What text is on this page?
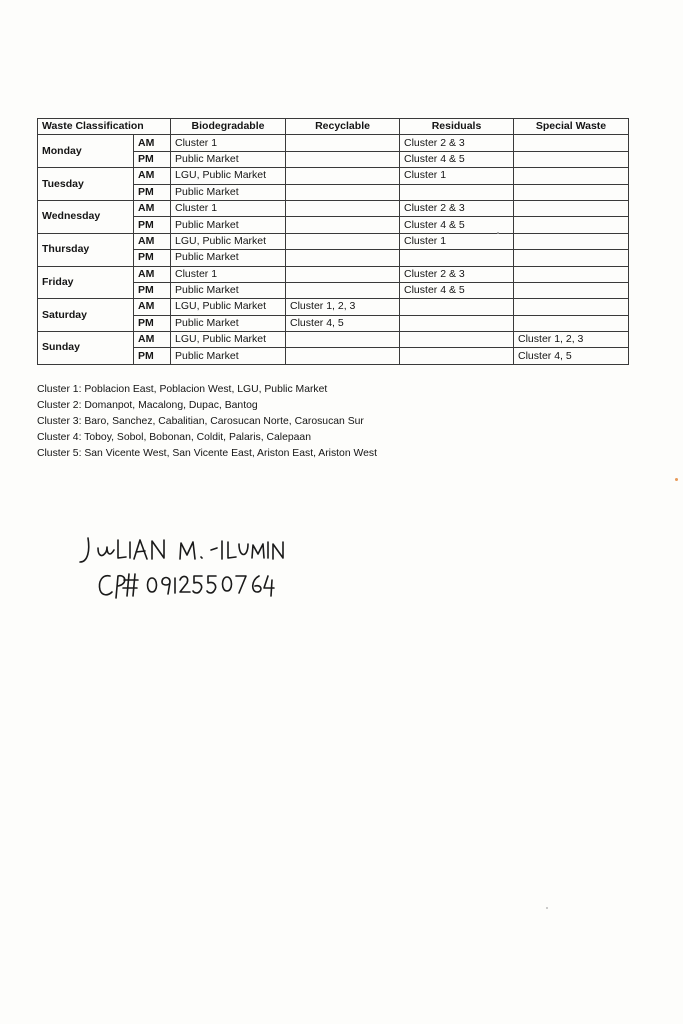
Waste Classification		Biodegradable	Recyclable	Residuals	Special Waste
Monday	AM	Cluster 1		Cluster 2 & 3	
	PM	Public Market		Cluster 4 & 5	
Tuesday	AM	LGU, Public Market		Cluster 1	
	PM	Public Market			
Wednesday	AM	Cluster 1		Cluster 2 & 3	
	PM	Public Market		Cluster 4 & 5	
Thursday	AM	LGU, Public Market		Cluster 1	
	PM	Public Market			
Friday	AM	Cluster 1		Cluster 2 & 3	
	PM	Public Market		Cluster 4 & 5	
Saturday	AM	LGU, Public Market	Cluster 1, 2, 3		
	PM	Public Market	Cluster 4, 5		
Sunday	AM	LGU, Public Market			Cluster 1, 2, 3
	PM	Public Market			Cluster 4, 5
Cluster 1: Poblacion East, Poblacion West, LGU, Public Market
Cluster 2: Domanpot, Macalong, Dupac, Bantog
Cluster 3: Baro, Sanchez, Cabalitian, Carosucan Norte, Carosucan Sur
Cluster 4: Toboy, Sobol, Bobonan, Coldit, Palaris, Calepaan
Cluster 5: San Vicente West, San Vicente East, Ariston East, Ariston West
